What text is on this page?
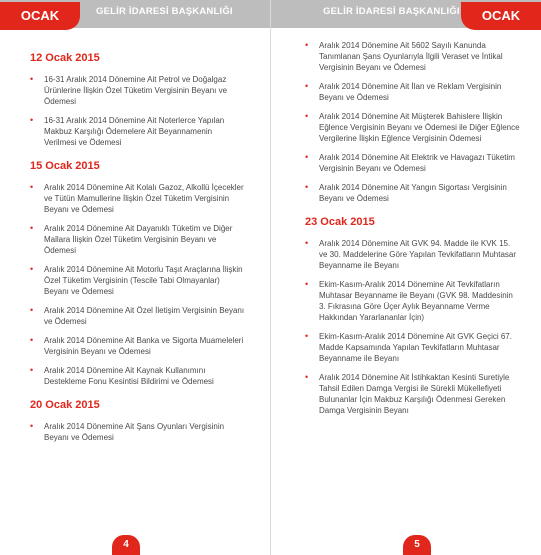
GELİR İDARESİ BAŞKANLIĞI	GELİR İDARESİ BAŞKANLIĞI
OCAK	OCAK
12 Ocak 2015
• 16-31 Aralık 2014 Dönemine Ait Petrol ve Doğalgaz Ürünlerine İlişkin Özel Tüketim Vergisinin Beyanı ve Ödemesi
• 16-31 Aralık 2014 Dönemine Ait Noterlerce Yapılan Makbuz Karşılığı Ödemelere Ait Beyannamenin Verilmesi ve Ödemesi
15 Ocak 2015
• Aralık 2014 Dönemine Ait Kolalı Gazoz, Alkollü İçecekler ve Tütün Mamullerine İlişkin Özel Tüketim Vergisinin Beyanı ve Ödemesi
• Aralık 2014 Dönemine Ait Dayanıklı Tüketim ve Diğer Mallara İlişkin Özel Tüketim Vergisinin Beyanı ve Ödemesi
• Aralık 2014 Dönemine Ait Motorlu Taşıt Araçlarına İlişkin Özel Tüketim Vergisinin (Tescile Tabi Olmayanlar) Beyanı ve Ödemesi
• Aralık 2014 Dönemine Ait Özel İletişim Vergisinin Beyanı ve Ödemesi
• Aralık 2014 Dönemine Ait Banka ve Sigorta Muameleleri Vergisinin Beyanı ve Ödemesi
• Aralık 2014 Dönemine Ait Kaynak Kullanımını Destekleme Fonu Kesintisi Bildirimi ve Ödemesi
20 Ocak 2015
• Aralık 2014 Dönemine Ait Şans Oyunları Vergisinin Beyanı ve Ödemesi
• Aralık 2014 Dönemine Ait 5602 Sayılı Kanunda Tanımlanan Şans Oyunlarıyla İlgili Veraset ve İntikal Vergisinin Beyanı ve Ödemesi
• Aralık 2014 Dönemine Ait İlan ve Reklam Vergisinin Beyanı ve Ödemesi
• Aralık 2014 Dönemine Ait Müşterek Bahislere İlişkin Eğlence Vergisinin Beyanı ve Ödemesi ile Diğer Eğlence Vergilerine İlişkin Eğlence Vergisinin Ödemesi
• Aralık 2014 Dönemine Ait Elektrik ve Havagazı Tüketim Vergisinin Beyanı ve Ödemesi
• Aralık 2014 Dönemine Ait Yangın Sigortası Vergisinin Beyanı ve Ödemesi
23 Ocak 2015
• Aralık 2014 Dönemine Ait GVK 94. Madde ile KVK 15. ve 30. Maddelerine Göre Yapılan Tevkifatların Muhtasar Beyanname ile Beyanı
• Ekim-Kasım-Aralık 2014 Dönemine Ait Tevkifatların Muhtasar Beyanname ile Beyanı (GVK 98. Maddesinin 3. Fıkrasına Göre Üçer Aylık Beyanname Verme Hakkından Yararlananlar İçin)
• Ekim-Kasım-Aralık 2014 Dönemine Ait GVK Geçici 67. Madde Kapsamında Yapılan Tevkifatların Muhtasar Beyanname ile Beyanı
• Aralık 2014 Dönemine Ait İstihkaktan Kesinti Suretiyle Tahsil Edilen Damga Vergisi ile Sürekli Mükellefiyeti Bulunanlar İçin Makbuz Karşılığı Ödenmesi Gereken Damga Vergisinin Beyanı
4	5
